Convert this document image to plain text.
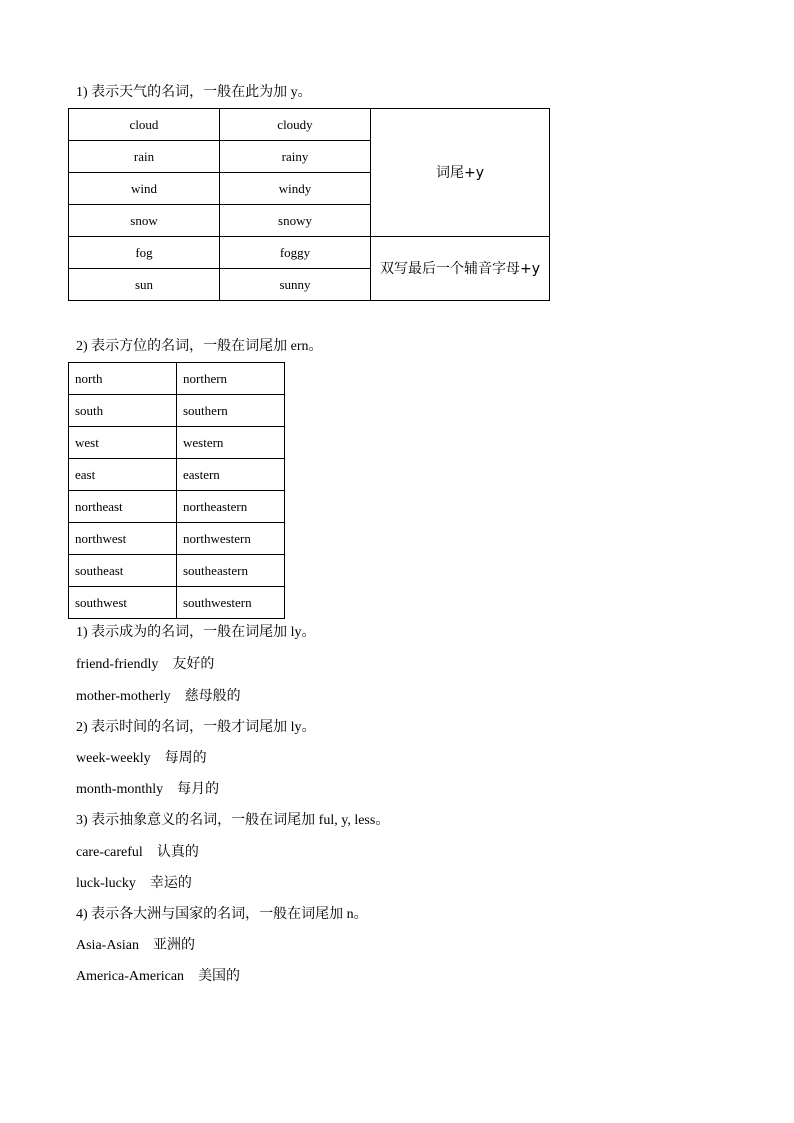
1) 表示天气的名词，一般在此为加 y。
cloud	cloudy	词尾+y
rain	rainy	
wind	windy	
snow	snowy	
fog	foggy	双写最后一个辅音字母+y
sun	sunny	
2) 表示方位的名词，一般在词尾加 ern。
north	northern
south	southern
west	western
east	eastern
northeast	northeastern
northwest	northwestern
southeast	southeastern
southwest	southwestern
1) 表示成为的名词，一般在词尾加 ly。
friend-friendly 友好的
mother-motherly 慈母般的
2) 表示时间的名词，一般才词尾加 ly。
week-weekly 每周的
month-monthly 每月的
3) 表示抽象意义的名词，一般在词尾加 ful, y, less。
care-careful 认真的
luck-lucky 幸运的
4) 表示各大洲与国家的名词，一般在词尾加 n。
Asia-Asian 亚洲的
America-American 美国的
